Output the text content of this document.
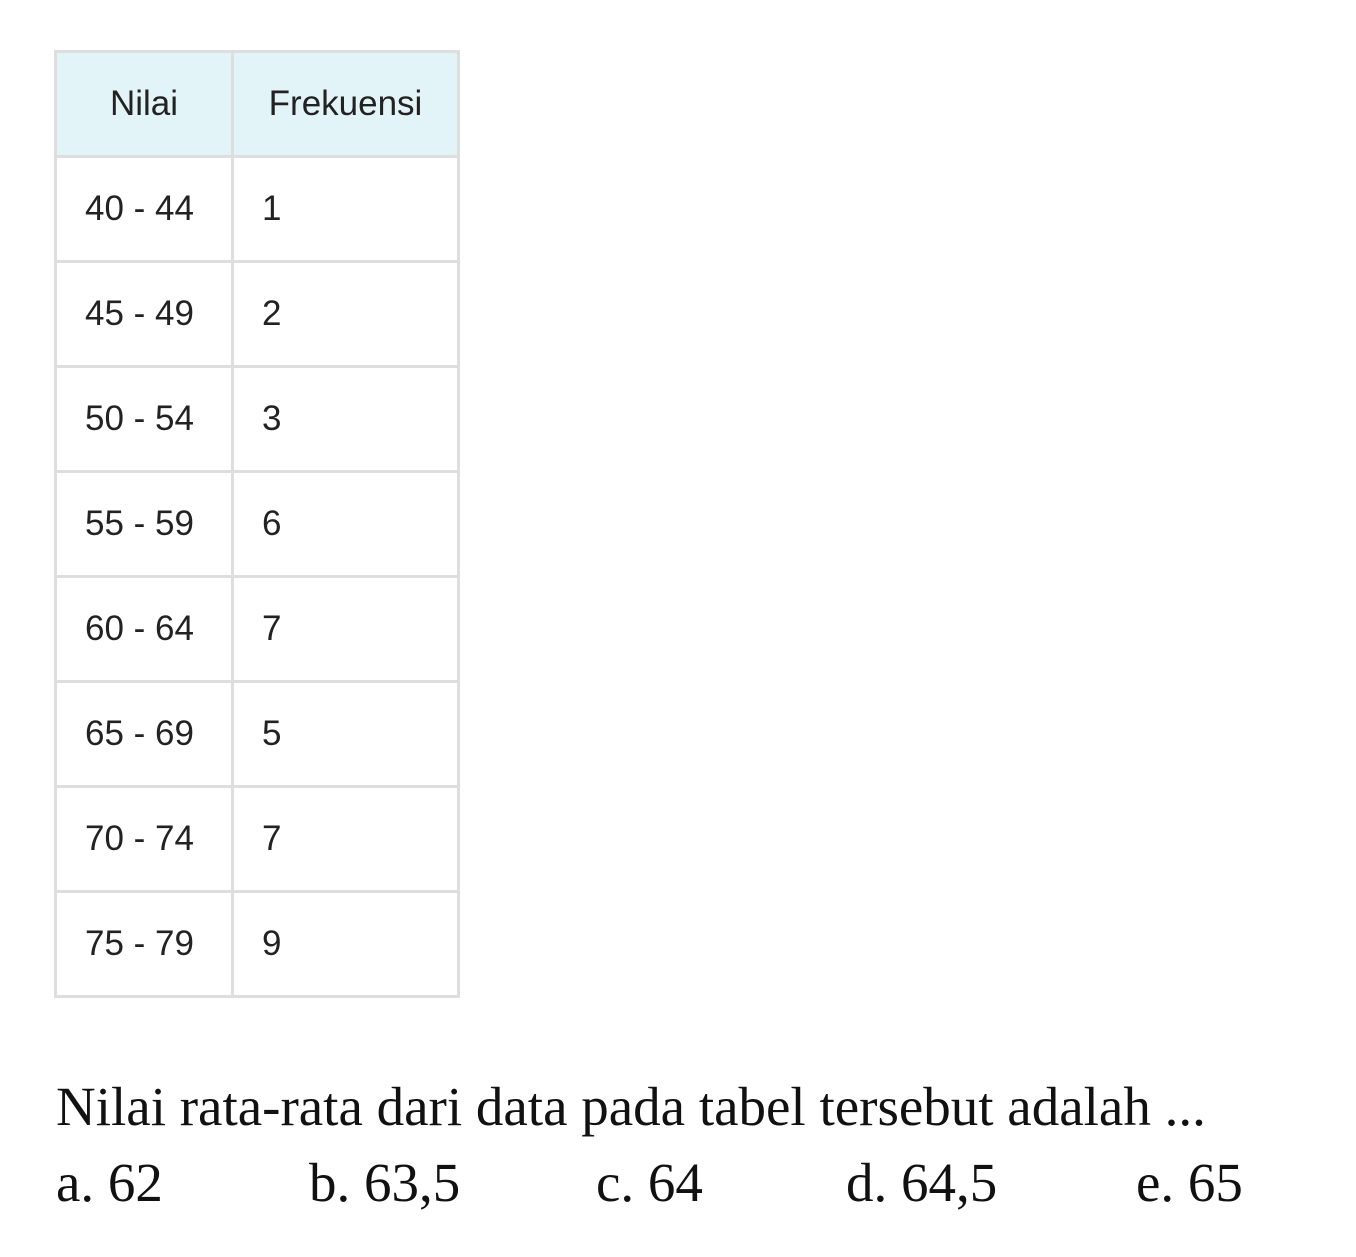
Nilai	Frekuensi
40 - 44	1
45 - 49	2
50 - 54	3
55 - 59	6
60 - 64	7
65 - 69	5
70 - 74	7
75 - 79	9
Nilai rata-rata dari data pada tabel tersebut adalah ...
a. 62	b. 63,5 c. 64	d. 64,5	e. 65
